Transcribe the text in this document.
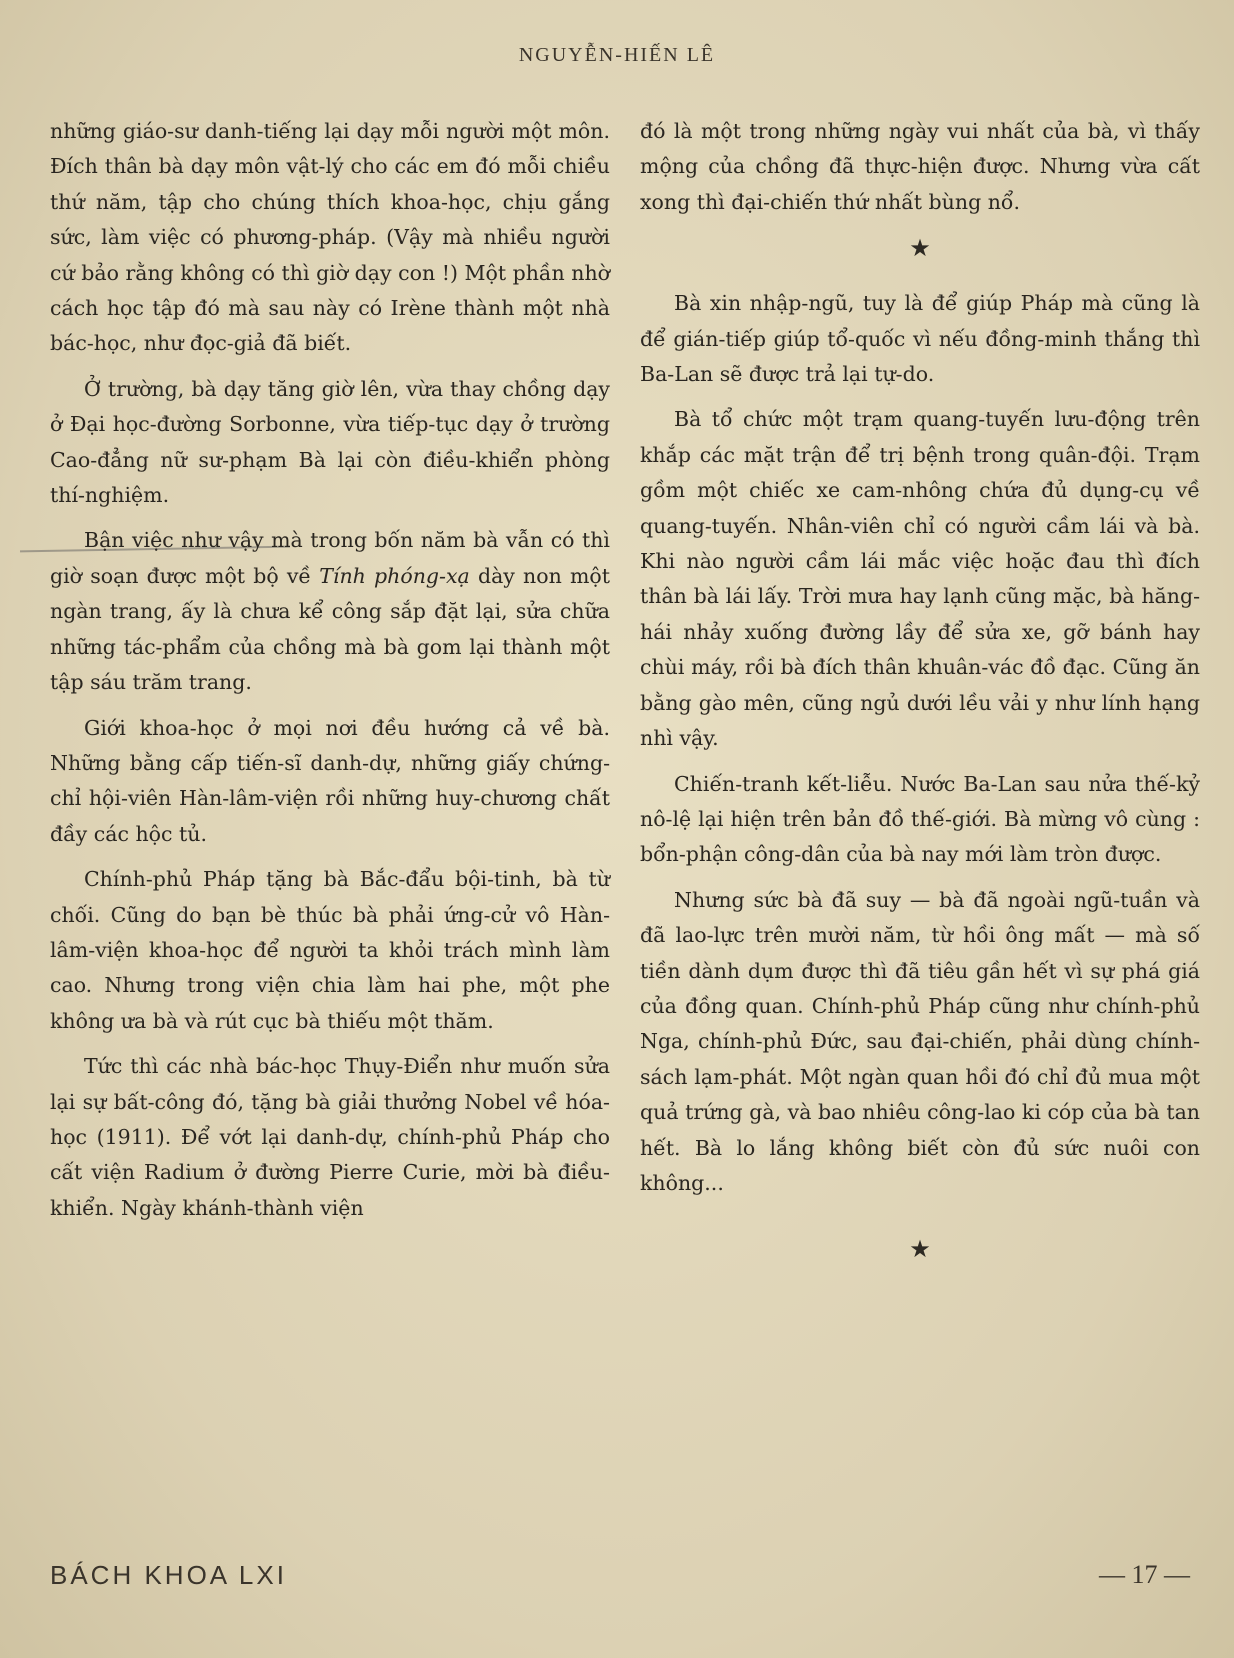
NGUYỄN-HIẾN LÊ

những giáo-sư danh-tiếng lại dạy mỗi người một môn. Đích thân bà dạy môn vật-lý cho các em đó mỗi chiều thứ năm, tập cho chúng thích khoa-học, chịu gắng sức, làm việc có phương-pháp. (Vậy mà nhiều người cứ bảo rằng không có thì giờ dạy con !) Một phần nhờ cách học tập đó mà sau này có Irène thành một nhà bác-học, như đọc-giả đã biết.

Ở trường, bà dạy tăng giờ lên, vừa thay chồng dạy ở Đại học-đường Sorbonne, vừa tiếp-tục dạy ở trường Cao-đẳng nữ sư-phạm Bà lại còn điều-khiển phòng thí-nghiệm.

Bận việc như vậy mà trong bốn năm bà vẫn có thì giờ soạn được một bộ về Tính phóng-xạ dày non một ngàn trang, ấy là chưa kể công sắp đặt lại, sửa chữa những tác-phẩm của chồng mà bà gom lại thành một tập sáu trăm trang.

Giới khoa-học ở mọi nơi đều hướng cả về bà. Những bằng cấp tiến-sĩ danh-dự, những giấy chứng-chỉ hội-viên Hàn-lâm-viện rồi những huy-chương chất đầy các hộc tủ.

Chính-phủ Pháp tặng bà Bắc-đẩu bội-tinh, bà từ chối. Cũng do bạn bè thúc bà phải ứng-cử vô Hàn-lâm-viện khoa-học để người ta khỏi trách mình làm cao. Nhưng trong viện chia làm hai phe, một phe không ưa bà và rút cục bà thiếu một thăm.

Tức thì các nhà bác-học Thụy-Điển như muốn sửa lại sự bất-công đó, tặng bà giải thưởng Nobel về hóa-học (1911). Để vớt lại danh-dự, chính-phủ Pháp cho cất viện Radium ở đường Pierre Curie, mời bà điều-khiển. Ngày khánh-thành viện

đó là một trong những ngày vui nhất của bà, vì thấy mộng của chồng đã thực-hiện được. Nhưng vừa cất xong thì đại-chiến thứ nhất bùng nổ.

★

Bà xin nhập-ngũ, tuy là để giúp Pháp mà cũng là để gián-tiếp giúp tổ-quốc vì nếu đồng-minh thắng thì Ba-Lan sẽ được trả lại tự-do.

Bà tổ chức một trạm quang-tuyến lưu-động trên khắp các mặt trận để trị bệnh trong quân-đội. Trạm gồm một chiếc xe cam-nhông chứa đủ dụng-cụ về quang-tuyến. Nhân-viên chỉ có người cầm lái và bà. Khi nào người cầm lái mắc việc hoặc đau thì đích thân bà lái lấy. Trời mưa hay lạnh cũng mặc, bà hăng-hái nhảy xuống đường lầy để sửa xe, gỡ bánh hay chùi máy, rồi bà đích thân khuân-vác đồ đạc. Cũng ăn bằng gào mên, cũng ngủ dưới lều vải y như lính hạng nhì vậy.

Chiến-tranh kết-liễu. Nước Ba-Lan sau nửa thế-kỷ nô-lệ lại hiện trên bản đồ thế-giới. Bà mừng vô cùng : bổn-phận công-dân của bà nay mới làm tròn được.

Nhưng sức bà đã suy — bà đã ngoài ngũ-tuần và đã lao-lực trên mười năm, từ hồi ông mất — mà số tiền dành dụm được thì đã tiêu gần hết vì sự phá giá của đồng quan. Chính-phủ Pháp cũng như chính-phủ Nga, chính-phủ Đức, sau đại-chiến, phải dùng chính-sách lạm-phát. Một ngàn quan hồi đó chỉ đủ mua một quả trứng gà, và bao nhiêu công-lao ki cóp của bà tan hết. Bà lo lắng không biết còn đủ sức nuôi con không...

★
BÁCH KHOA LXI	— 17 —
